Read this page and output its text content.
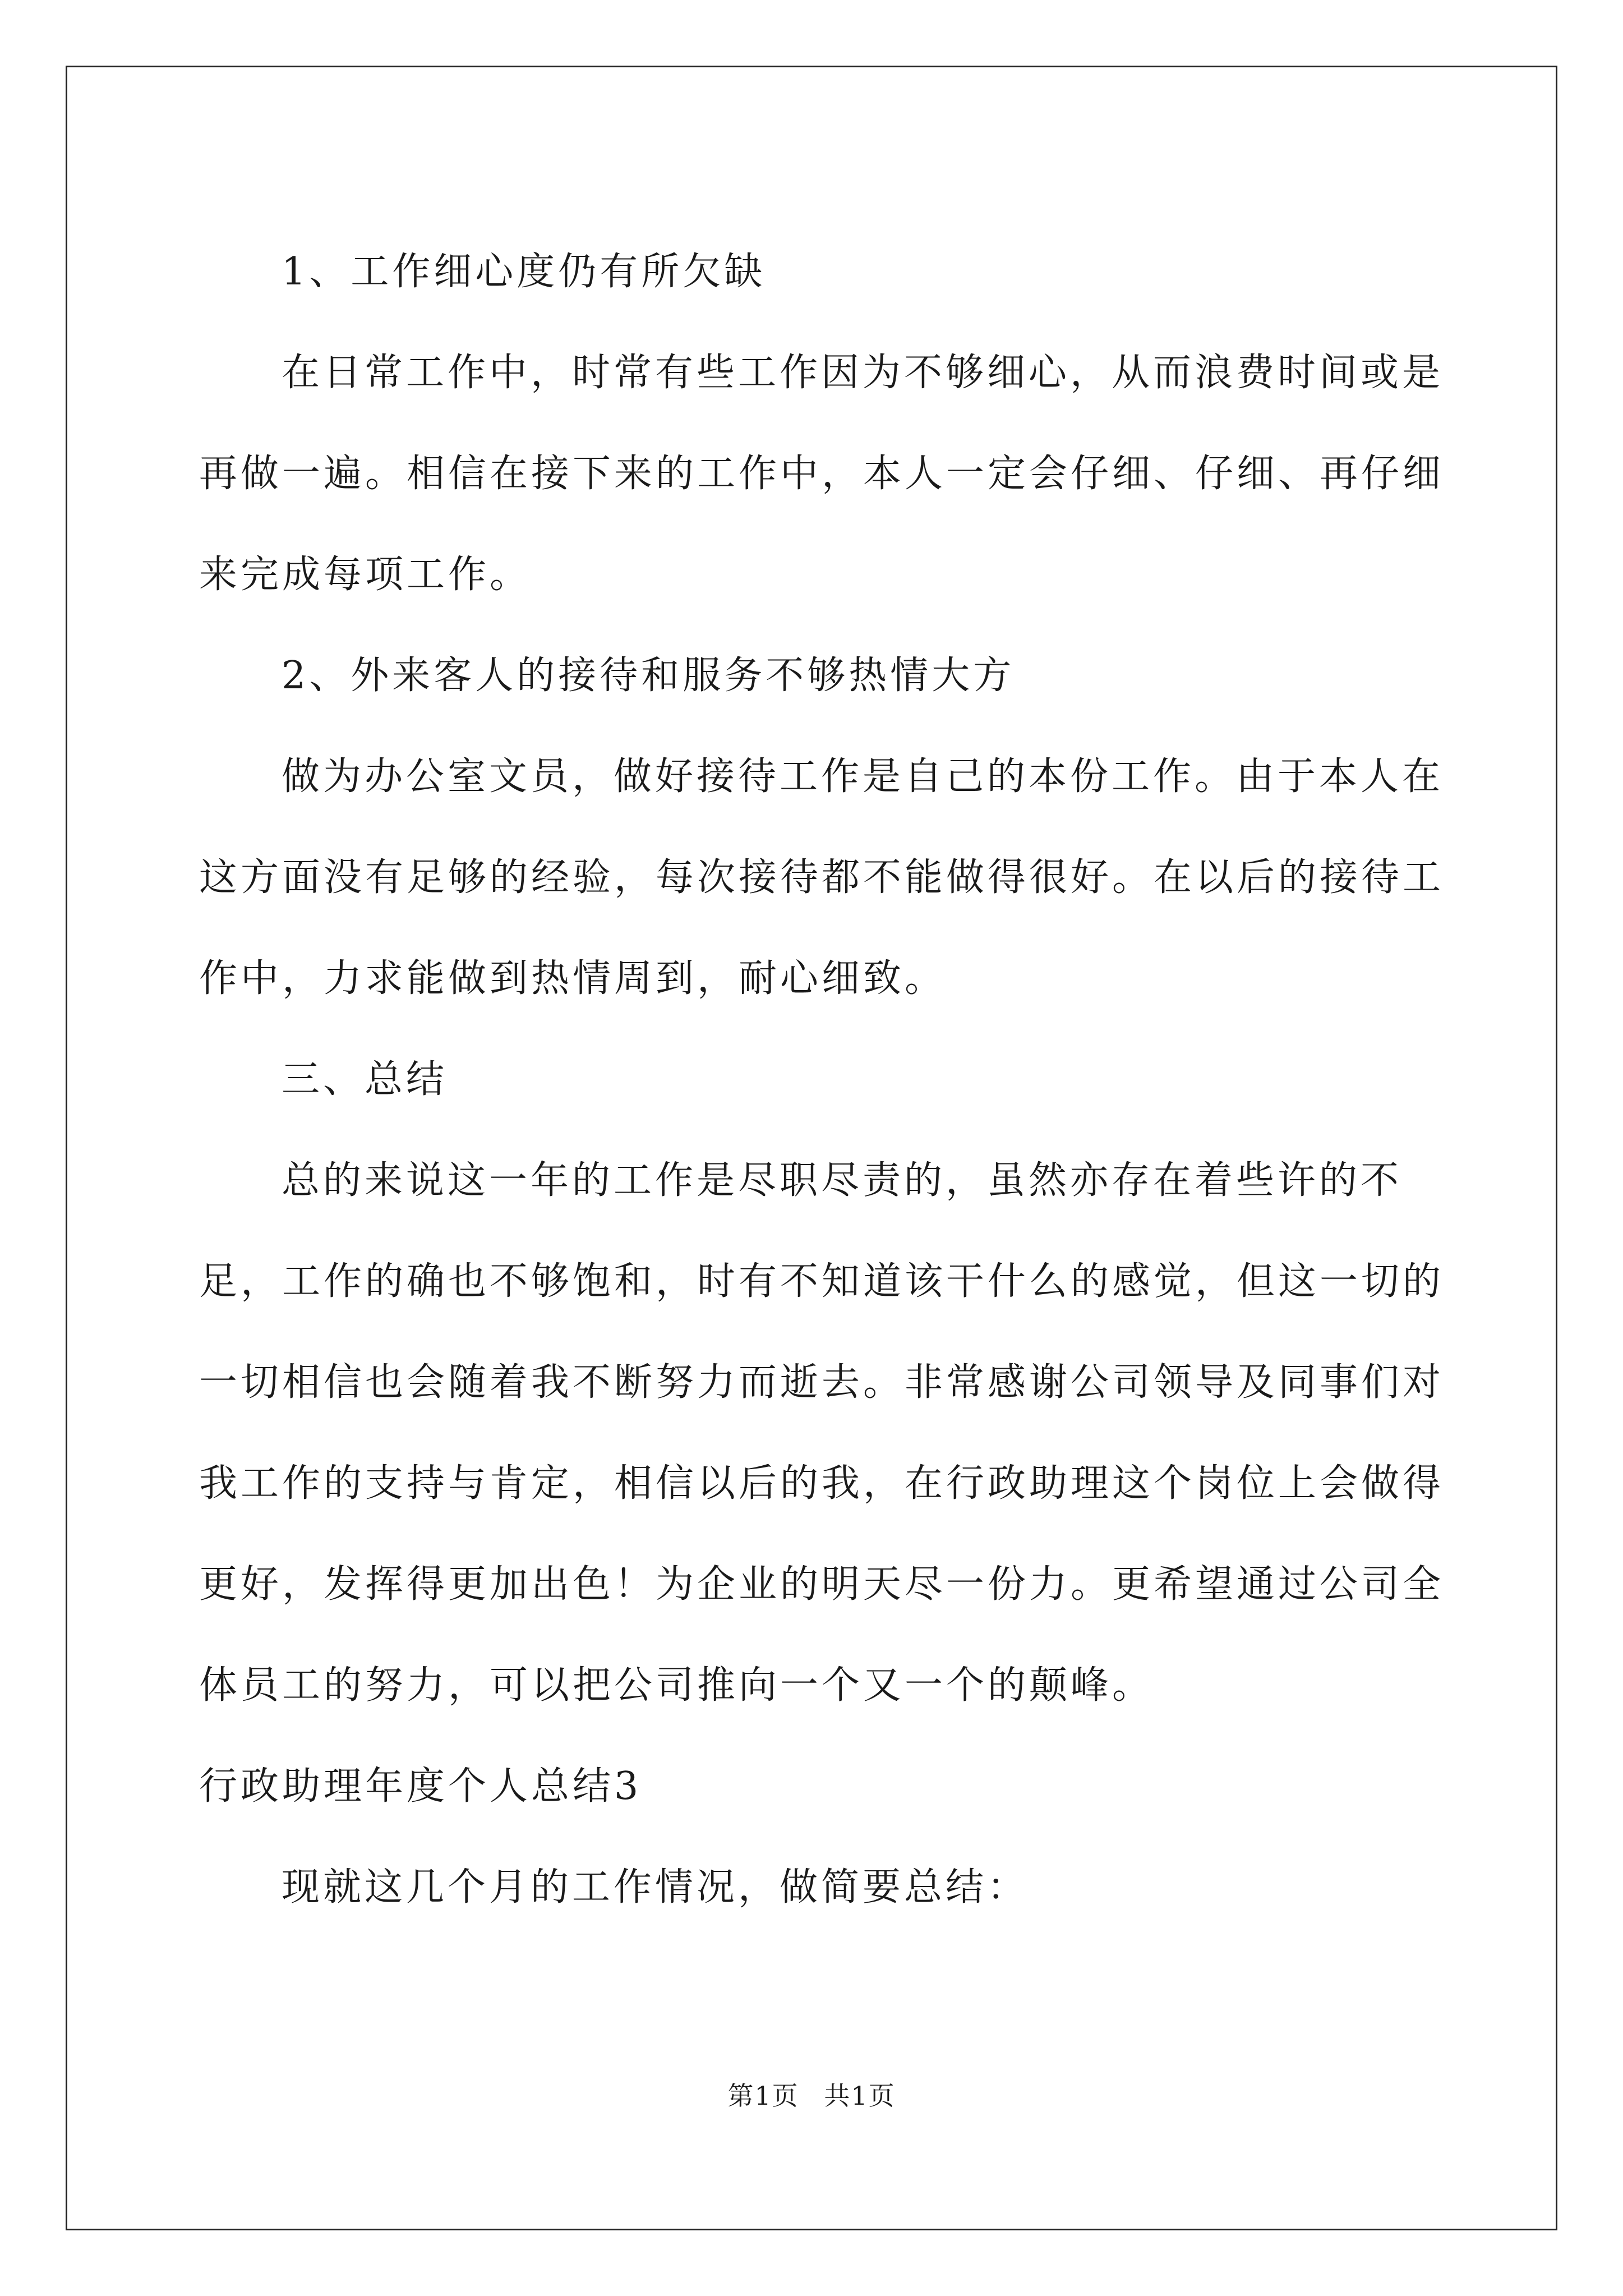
1、工作细心度仍有所欠缺

在日常工作中，时常有些工作因为不够细心，从而浪费时间或是再做一遍。相信在接下来的工作中，本人一定会仔细、仔细、再仔细来完成每项工作。

2、外来客人的接待和服务不够热情大方

做为办公室文员，做好接待工作是自己的本份工作。由于本人在这方面没有足够的经验，每次接待都不能做得很好。在以后的接待工作中，力求能做到热情周到，耐心细致。

三、总结

总的来说这一年的工作是尽职尽责的，虽然亦存在着些许的不足，工作的确也不够饱和，时有不知道该干什么的感觉，但这一切的一切相信也会随着我不断努力而逝去。非常感谢公司领导及同事们对我工作的支持与肯定，相信以后的我，在行政助理这个岗位上会做得更好，发挥得更加出色！为企业的明天尽一份力。更希望通过公司全体员工的努力，可以把公司推向一个又一个的颠峰。

行政助理年度个人总结3

现就这几个月的工作情况，做简要总结：

第1页 共1页
